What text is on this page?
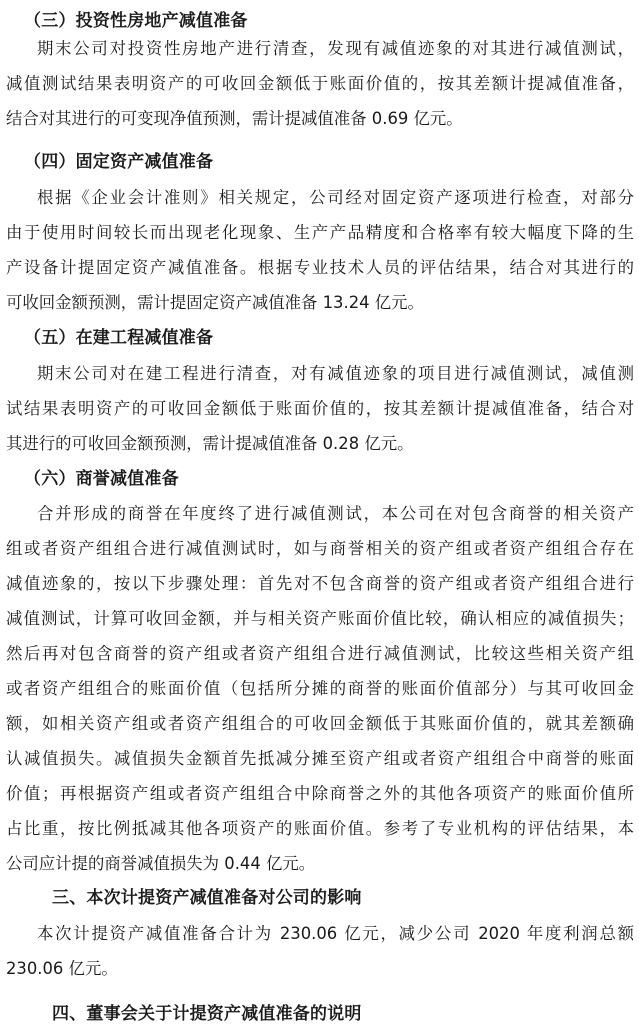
（三）投资性房地产减值准备

期末公司对投资性房地产进行清查，发现有减值迹象的对其进行减值测试，

减值测试结果表明资产的可收回金额低于账面价值的，按其差额计提减值准备，

结合对其进行的可变现净值预测，需计提减值准备 0.69 亿元。

（四）固定资产减值准备

根据《企业会计准则》相关规定，公司经对固定资产逐项进行检查，对部分

由于使用时间较长而出现老化现象、生产产品精度和合格率有较大幅度下降的生

产设备计提固定资产减值准备。根据专业技术人员的评估结果，结合对其进行的

可收回金额预测，需计提固定资产减值准备 13.24 亿元。

（五）在建工程减值准备

期末公司对在建工程进行清查，对有减值迹象的项目进行减值测试，减值测

试结果表明资产的可收回金额低于账面价值的，按其差额计提减值准备，结合对

其进行的可收回金额预测，需计提减值准备 0.28 亿元。

（六）商誉减值准备

合并形成的商誉在年度终了进行减值测试，本公司在对包含商誉的相关资产

组或者资产组组合进行减值测试时，如与商誉相关的资产组或者资产组组合存在

减值迹象的，按以下步骤处理：首先对不包含商誉的资产组或者资产组组合进行

减值测试，计算可收回金额，并与相关资产账面价值比较，确认相应的减值损失；

然后再对包含商誉的资产组或者资产组组合进行减值测试，比较这些相关资产组

或者资产组组合的账面价值（包括所分摊的商誉的账面价值部分）与其可收回金

额，如相关资产组或者资产组组合的可收回金额低于其账面价值的，就其差额确

认减值损失。减值损失金额首先抵减分摊至资产组或者资产组组合中商誉的账面

价值；再根据资产组或者资产组组合中除商誉之外的其他各项资产的账面价值所

占比重，按比例抵减其他各项资产的账面价值。参考了专业机构的评估结果，本

公司应计提的商誉减值损失为 0.44 亿元。

三、本次计提资产减值准备对公司的影响

本次计提资产减值准备合计为 230.06 亿元，减少公司 2020 年度利润总额

230.06 亿元。

四、董事会关于计提资产减值准备的说明
